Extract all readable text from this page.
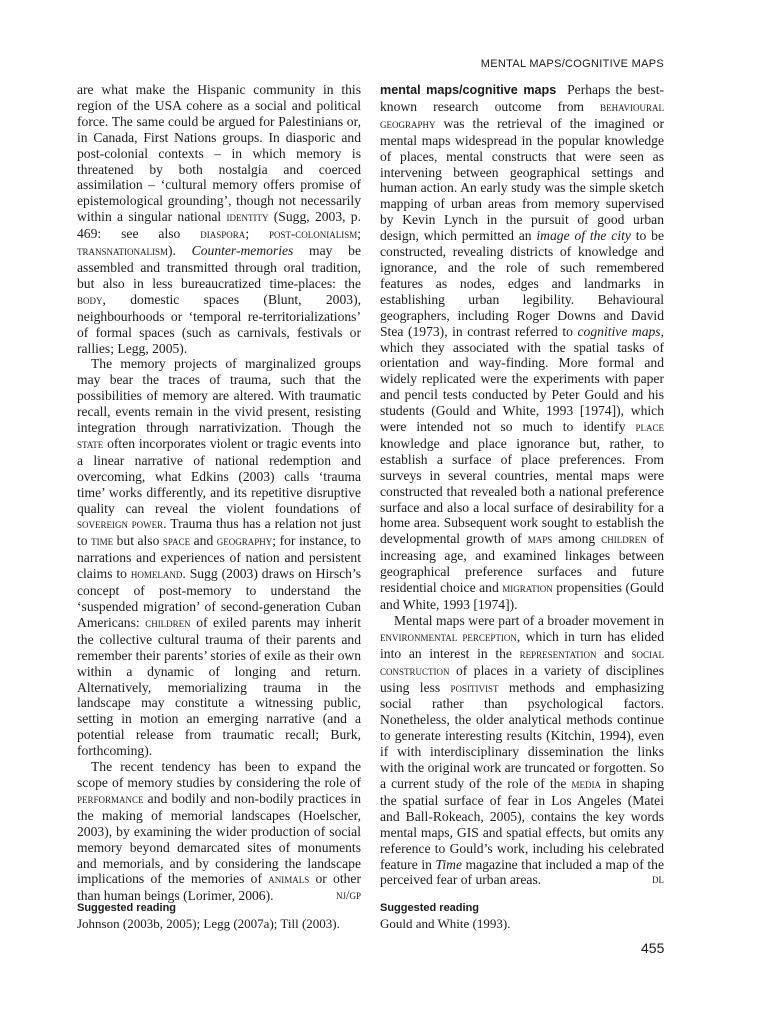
MENTAL MAPS/COGNITIVE MAPS

are what make the Hispanic community in this region of the USA cohere as a social and political force. The same could be argued for Palestinians or, in Canada, First Nations groups. In diasporic and post-colonial contexts – in which memory is threatened by both nostalgia and coerced assimilation – ‘cultural memory offers promise of epistemological grounding’, though not necessarily within a singular national identity (Sugg, 2003, p. 469: see also diaspora; post-colonialism; transnationalism). Counter-memories may be assembled and transmitted through oral tradition, but also in less bureaucratized time-places: the body, domestic spaces (Blunt, 2003), neighbourhoods or ‘temporal re-territorializations’ of formal spaces (such as carnivals, festivals or rallies; Legg, 2005).

The memory projects of marginalized groups may bear the traces of trauma, such that the possibilities of memory are altered. With traumatic recall, events remain in the vivid present, resisting integration through narrativization. Though the state often incorporates violent or tragic events into a linear narrative of national redemption and overcoming, what Edkins (2003) calls ‘trauma time’ works differently, and its repetitive disruptive quality can reveal the violent foundations of sovereign power. Trauma thus has a relation not just to time but also space and geography; for instance, to narrations and experiences of nation and persistent claims to homeland. Sugg (2003) draws on Hirsch’s concept of post-memory to understand the ‘suspended migration’ of second-generation Cuban Americans: children of exiled parents may inherit the collective cultural trauma of their parents and remember their parents’ stories of exile as their own within a dynamic of longing and return. Alternatively, memorializing trauma in the landscape may constitute a witnessing public, setting in motion an emerging narrative (and a potential release from traumatic recall; Burk, forthcoming).

The recent tendency has been to expand the scope of memory studies by considering the role of performance and bodily and non-bodily practices in the making of memorial landscapes (Hoelscher, 2003), by examining the wider production of social memory beyond demarcated sites of monuments and memorials, and by considering the landscape implications of the memories of animals or other than human beings (Lorimer, 2006).	nj/gp

mental maps/cognitive maps Perhaps the best-known research outcome from behavioural geography was the retrieval of the imagined or mental maps widespread in the popular knowledge of places, mental constructs that were seen as intervening between geographical settings and human action. An early study was the simple sketch mapping of urban areas from memory supervised by Kevin Lynch in the pursuit of good urban design, which permitted an image of the city to be constructed, revealing districts of knowledge and ignorance, and the role of such remembered features as nodes, edges and landmarks in establishing urban legibility. Behavioural geographers, including Roger Downs and David Stea (1973), in contrast referred to cognitive maps, which they associated with the spatial tasks of orientation and way-finding. More formal and widely replicated were the experiments with paper and pencil tests conducted by Peter Gould and his students (Gould and White, 1993 [1974]), which were intended not so much to identify place knowledge and place ignorance but, rather, to establish a surface of place preferences. From surveys in several countries, mental maps were constructed that revealed both a national preference surface and also a local surface of desirability for a home area. Subsequent work sought to establish the developmental growth of maps among children of increasing age, and examined linkages between geographical preference surfaces and future residential choice and migration propensities (Gould and White, 1993 [1974]).

Mental maps were part of a broader movement in environmental perception, which in turn has elided into an interest in the representation and social construction of places in a variety of disciplines using less positivist methods and emphasizing social rather than psychological factors. Nonetheless, the older analytical methods continue to generate interesting results (Kitchin, 1994), even if with interdisciplinary dissemination the links with the original work are truncated or forgotten. So a current study of the role of the media in shaping the spatial surface of fear in Los Angeles (Matei and Ball-Rokeach, 2005), contains the key words mental maps, GIS and spatial effects, but omits any reference to Gould’s work, including his celebrated feature in Time magazine that included a map of the perceived fear of urban areas.	dl

Suggested reading

Johnson (2003b, 2005); Legg (2007a); Till (2003).

Suggested reading

Gould and White (1993).

455
